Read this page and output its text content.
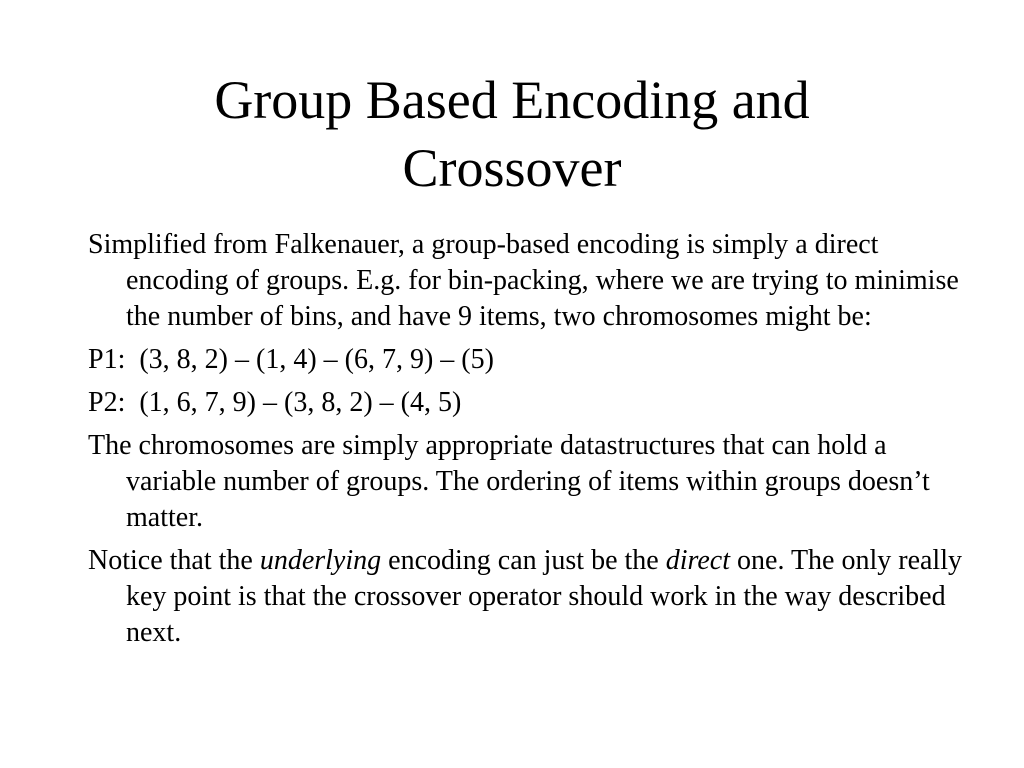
Group Based Encoding and
Crossover

Simplified from Falkenauer, a group-based encoding is simply a direct encoding of groups. E.g. for bin-packing, where we are trying to minimise the number of bins, and have 9 items, two chromosomes might be:

P1:  (3, 8, 2) – (1, 4) – (6, 7, 9) – (5)

P2:  (1, 6, 7, 9) – (3, 8, 2) – (4, 5)

The chromosomes are simply appropriate datastructures that can hold a variable number of groups. The ordering of items within groups doesn’t matter.

Notice that the underlying encoding can just be the direct one. The only really key point is that the crossover operator should work in the way described next.
